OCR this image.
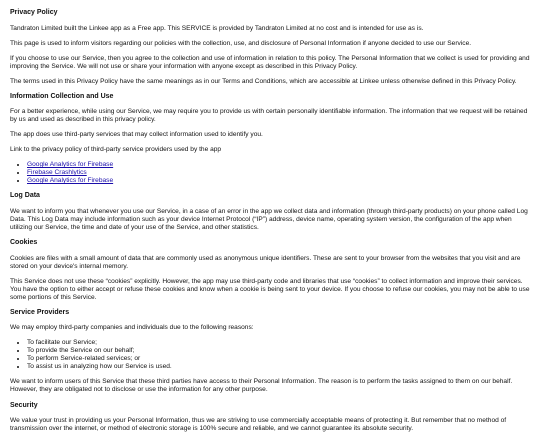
Privacy Policy

Tandraton Limited built the Linkee app as a Free app. This SERVICE is provided by Tandraton Limited at no cost and is intended for use as is.

This page is used to inform visitors regarding our policies with the collection, use, and disclosure of Personal Information if anyone decided to use our Service.

If you choose to use our Service, then you agree to the collection and use of information in relation to this policy. The Personal Information that we collect is used for providing and improving the Service. We will not use or share your information with anyone except as described in this Privacy Policy.

The terms used in this Privacy Policy have the same meanings as in our Terms and Conditions, which are accessible at Linkee unless otherwise defined in this Privacy Policy.

Information Collection and Use

For a better experience, while using our Service, we may require you to provide us with certain personally identifiable information. The information that we request will be retained by us and used as described in this privacy policy.

The app does use third-party services that may collect information used to identify you.

Link to the privacy policy of third-party service providers used by the app

• Google Analytics for Firebase
• Firebase Crashlytics
• Google Analytics for Firebase
Log Data

We want to inform you that whenever you use our Service, in a case of an error in the app we collect data and information (through third-party products) on your phone called Log Data. This Log Data may include information such as your device Internet Protocol (“IP”) address, device name, operating system version, the configuration of the app when utilizing our Service, the time and date of your use of the Service, and other statistics.

Cookies

Cookies are files with a small amount of data that are commonly used as anonymous unique identifiers. These are sent to your browser from the websites that you visit and are stored on your device's internal memory.

This Service does not use these “cookies” explicitly. However, the app may use third-party code and libraries that use “cookies” to collect information and improve their services. You have the option to either accept or refuse these cookies and know when a cookie is being sent to your device. If you choose to refuse our cookies, you may not be able to use some portions of this Service.

Service Providers

We may employ third-party companies and individuals due to the following reasons:

• To facilitate our Service;
• To provide the Service on our behalf;
• To perform Service-related services; or
• To assist us in analyzing how our Service is used.

We want to inform users of this Service that these third parties have access to their Personal Information. The reason is to perform the tasks assigned to them on our behalf. However, they are obligated not to disclose or use the information for any other purpose.

Security

We value your trust in providing us your Personal Information, thus we are striving to use commercially acceptable means of protecting it. But remember that no method of transmission over the internet, or method of electronic storage is 100% secure and reliable, and we cannot guarantee its absolute security.
